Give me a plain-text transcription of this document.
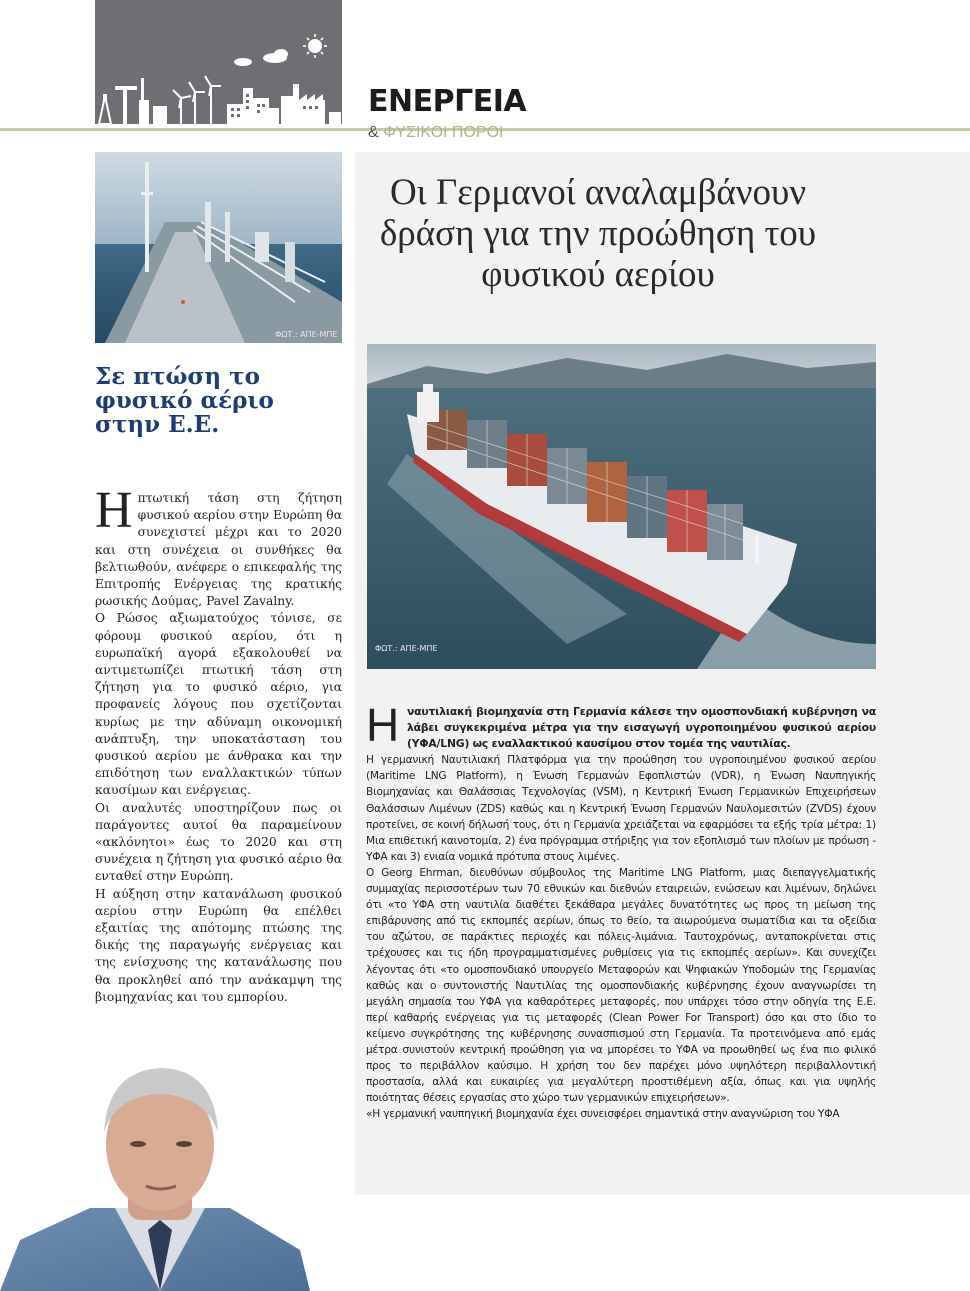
ΕΝΕΡΓΕΙΑ
& ΦΥΣΙΚΟΙ ΠΟΡΟΙ
Οι Γερμανοί αναλαμβάνουν δράση για την προώθηση του φυσικού αερίου
ΦΩΤ.: ΑΠΕ-ΜΠΕ
ΦΩΤ.: ΑΠΕ-ΜΠΕ
Σε πτώση το φυσικό αέριο στην Ε.Ε.

Ηπτωτική τάση στη ζήτηση φυσικού αερίου στην Ευρώπη θα συνεχιστεί μέχρι και το 2020 και στη συνέχεια οι συνθήκες θα βελτιωθούν, ανέφερε ο επικεφαλής της Επιτροπής Ενέργειας της κρατικής ρωσικής Δούμας, Pavel Zavalny.

Ο Ρώσος αξιωματούχος τόνισε, σε φόρουμ φυσικού αερίου, ότι η ευρωπαϊκή αγορά εξακολουθεί να αντιμετωπίζει πτωτική τάση στη ζήτηση για το φυσικό αέριο, για προφανείς λόγους που σχετίζονται κυρίως με την αδύναμη οικονομική ανάπτυξη, την υποκατάσταση του φυσικού αερίου με άνθρακα και την επιδότηση των εναλλακτικών τύπων καυσίμων και ενέργειας.

Οι αναλυτές υποστηρίζουν πως οι παράγοντες αυτοί θα παραμείνουν «ακλόνητοι» έως το 2020 και στη συνέχεια η ζήτηση για φυσικό αέριο θα ενταθεί στην Ευρώπη.

Η αύξηση στην κατανάλωση φυσικού αερίου στην Ευρώπη θα επέλθει εξαιτίας της απότομης πτώσης της δικής της παραγωγής ενέργειας και της ενίσχυσης της κατανάλωσης που θα προκληθεί από την ανάκαμψη της βιομηχανίας και του εμπορίου.

Ηναυτιλιακή βιομηχανία στη Γερμανία κάλεσε την ομοσπονδιακή κυβέρνηση να λάβει συγκεκριμένα μέτρα για την εισαγωγή υγροποιημένου φυσικού αερίου (ΥΦΑ/LNG) ως εναλλακτικού καυσίμου στον τομέα της ναυτιλίας.

Η γερμανική Ναυτιλιακή Πλατφόρμα για την προώθηση του υγροποιημένου φυσικού αερίου (Maritime LNG Platform), η Ένωση Γερμανών Εφοπλιστών (VDR), η Ένωση Ναυπηγικής Βιομηχανίας και Θαλάσσιας Τεχνολογίας (VSM), η Κεντρική Ένωση Γερμανικών Επιχειρήσεων Θαλάσσιων Λιμένων (ZDS) καθώς και η Κεντρική Ένωση Γερμανών Ναυλομεσιτών (ZVDS) έχουν προτείνει, σε κοινή δήλωσή τους, ότι η Γερμανία χρειάζεται να εφαρμόσει τα εξής τρία μέτρα: 1) Μια επιθετική καινοτομία, 2) ένα πρόγραμμα στήριξης για τον εξοπλισμό των πλοίων με πρόωση - ΥΦΑ και 3) ενιαία νομικά πρότυπα στους λιμένες.

Ο Georg Ehrman, διευθύνων σύμβουλος της Maritime LNG Platform, μιας διεπαγγελματικής συμμαχίας περισσοτέρων των 70 εθνικών και διεθνών εταιρειών, ενώσεων και λιμένων, δηλώνει ότι «το ΥΦΑ στη ναυτιλία διαθέτει ξεκάθαρα μεγάλες δυνατότητες ως προς τη μείωση της επιβάρυνσης από τις εκπομπές αερίων, όπως το θείο, τα αιωρούμενα σωματίδια και τα οξείδια του αζώτου, σε παράκτιες περιοχές και πόλεις-λιμάνια. Ταυτοχρόνως, ανταποκρίνεται στις τρέχουσες και τις ήδη προγραμματισμένες ρυθμίσεις για τις εκπομπές αερίων». Και συνεχίζει λέγοντας ότι «το ομοσπονδιακό υπουργείο Μεταφορών και Ψηφιακών Υποδομών της Γερμανίας καθώς και ο συντονιστής Ναυτιλίας της ομοσπονδιακής κυβέρνησης έχουν αναγνωρίσει τη μεγάλη σημασία του ΥΦΑ για καθαρότερες μεταφορές, που υπάρχει τόσο στην οδηγία της Ε.Ε. περί καθαρής ενέργειας για τις μεταφορές (Clean Power For Transport) όσο και στο ίδιο το κείμενο συγκρότησης της κυβέρνησης συνασπισμού στη Γερμανία. Τα προτεινόμενα από εμάς μέτρα συνιστούν κεντρική προώθηση για να μπορέσει το ΥΦΑ να προωθηθεί ως ένα πιο φιλικό προς το περιβάλλον καύσιμο. Η χρήση του δεν παρέχει μόνο υψηλότερη περιβαλλοντική προστασία, αλλά και ευκαιρίες για μεγαλύτερη προστιθέμενη αξία, όπως και για υψηλής ποιότητας θέσεις εργασίας στο χώρο των γερμανικών επιχειρήσεων».

«Η γερμανική ναυπηγική βιομηχανία έχει συνεισφέρει σημαντικά στην αναγνώριση του ΥΦΑ
